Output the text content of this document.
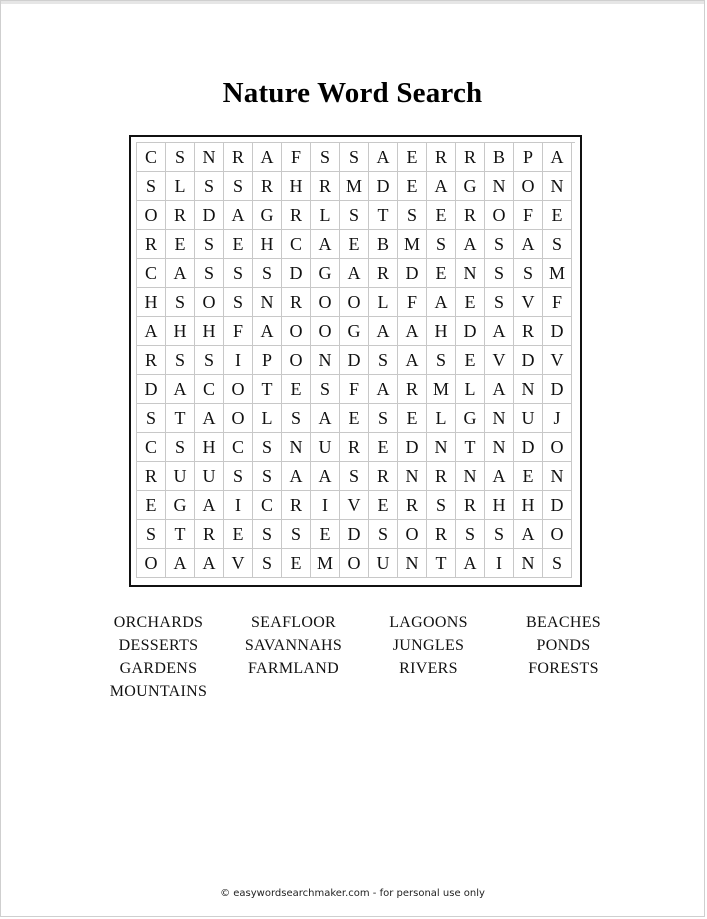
Nature Word Search
C S N R A F	S	S A E R R B P A
S	L	S	S R H R M D E A G N O N
O R D A G R L	S	T	S	E R O F	E
R E	S	E H C A E B M S A S A S
C A S	S	S D G A R D E N S	S M
H S O S N R O O L	F A E	S V F
A H H F A O O G A A H D A R D
R S	S	I	P O N D S A S	E V D V
D A C O T	E	S	F A R M L A N D
S	T A O L	S A E	S	E	L G N U	J
C S H C S N U R E D N T N D O
R U U S	S A A S R N R N A E N
E G A	I	C R	I	V E R S R H H D
S	T R E	S	S	E D S O R S	S A O
O A A V S	E M O U N T A	I	N S
ORCHARDS	SEAFLOOR	LAGOONS	BEACHES
DESSERTS	SAVANNAHS	JUNGLES	PONDS
GARDENS	FARMLAND	RIVERS	FORESTS
MOUNTAINS
© easywordsearchmaker.com - for personal use only
